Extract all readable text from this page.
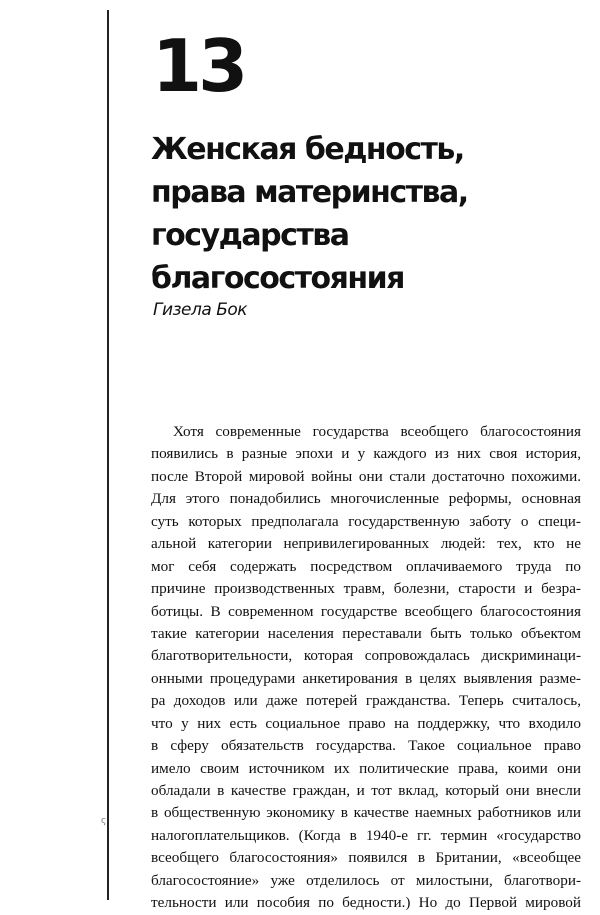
13
Женская бедность,
права материнства,
государства
благосостояния
Гизела Бок
Хотя современные государства всеобщего благосостояния
появились в разные эпохи и у каждого из них своя история,
после Второй мировой войны они стали достаточно похожими.
Для этого понадобились многочисленные реформы, основная
суть которых предполагала государственную заботу о специ-
альной категории непривилегированных людей: тех, кто не
мог себя содержать посредством оплачиваемого труда по
причине производственных травм, болезни, старости и безра-
ботицы. В современном государстве всеобщего благосостояния
такие категории населения переставали быть только объектом
благотворительности, которая сопровождалась дискриминаци-
онными процедурами анкетирования в целях выявления разме-
ра доходов или даже потерей гражданства. Теперь считалось,
что у них есть социальное право на поддержку, что входило
в сферу обязательств государства. Такое социальное право
имело своим источником их политические права, коими они
обладали в качестве граждан, и тот вклад, который они внесли
в общественную экономику в качестве наемных работников или
налогоплательщиков. (Когда в 1940-е гг. термин «государство
всеобщего благосостояния» появился в Британии, «всеобщее
благосостояние» уже отделилось от милостыни, благотвори-
тельности или пособия по бедности.) Но до Первой мировой
ς
